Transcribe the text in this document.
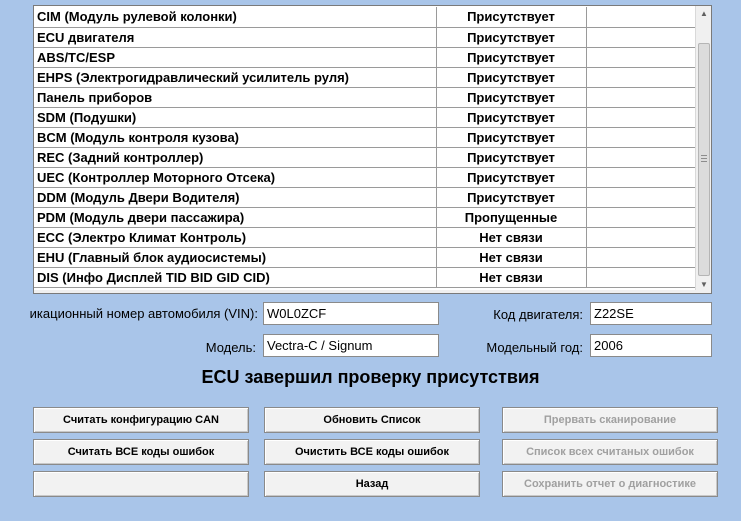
CIM (Модуль рулевой колонки)	Присутствует	
ECU двигателя	Присутствует	
ABS/TC/ESP	Присутствует	
EHPS (Электрогидравлический усилитель руля)	Присутствует	
Панель приборов	Присутствует	
SDM (Подушки)	Присутствует	
BCM (Модуль контроля кузова)	Присутствует	
REC (Задний контроллер)	Присутствует	
UEC (Контроллер Моторного Отсека)	Присутствует	
DDM (Модуль Двери Водителя)	Присутствует	
PDM (Модуль двери пассажира)	Пропущенные	
ECC (Электро Климат Контроль)	Нет связи	
EHU (Главный блок аудиосистемы)	Нет связи	
DIS (Инфо Дисплей TID BID GID CID)	Нет связи	
▲
▼
икационный номер автомобиля (VIN):
W0L0ZCF	Код двигателя:
Z22SE
Модель:
Vectra-C / Signum	Модельный год:
2006
ECU завершил проверку присутствия
Считать конфигурацию CAN	Обновить Список	Прервать сканирование
Считать ВСЕ коды ошибок	Очистить ВСЕ коды ошибок	Список всех считаных ошибок
Назад	Сохранить отчет о диагностике
